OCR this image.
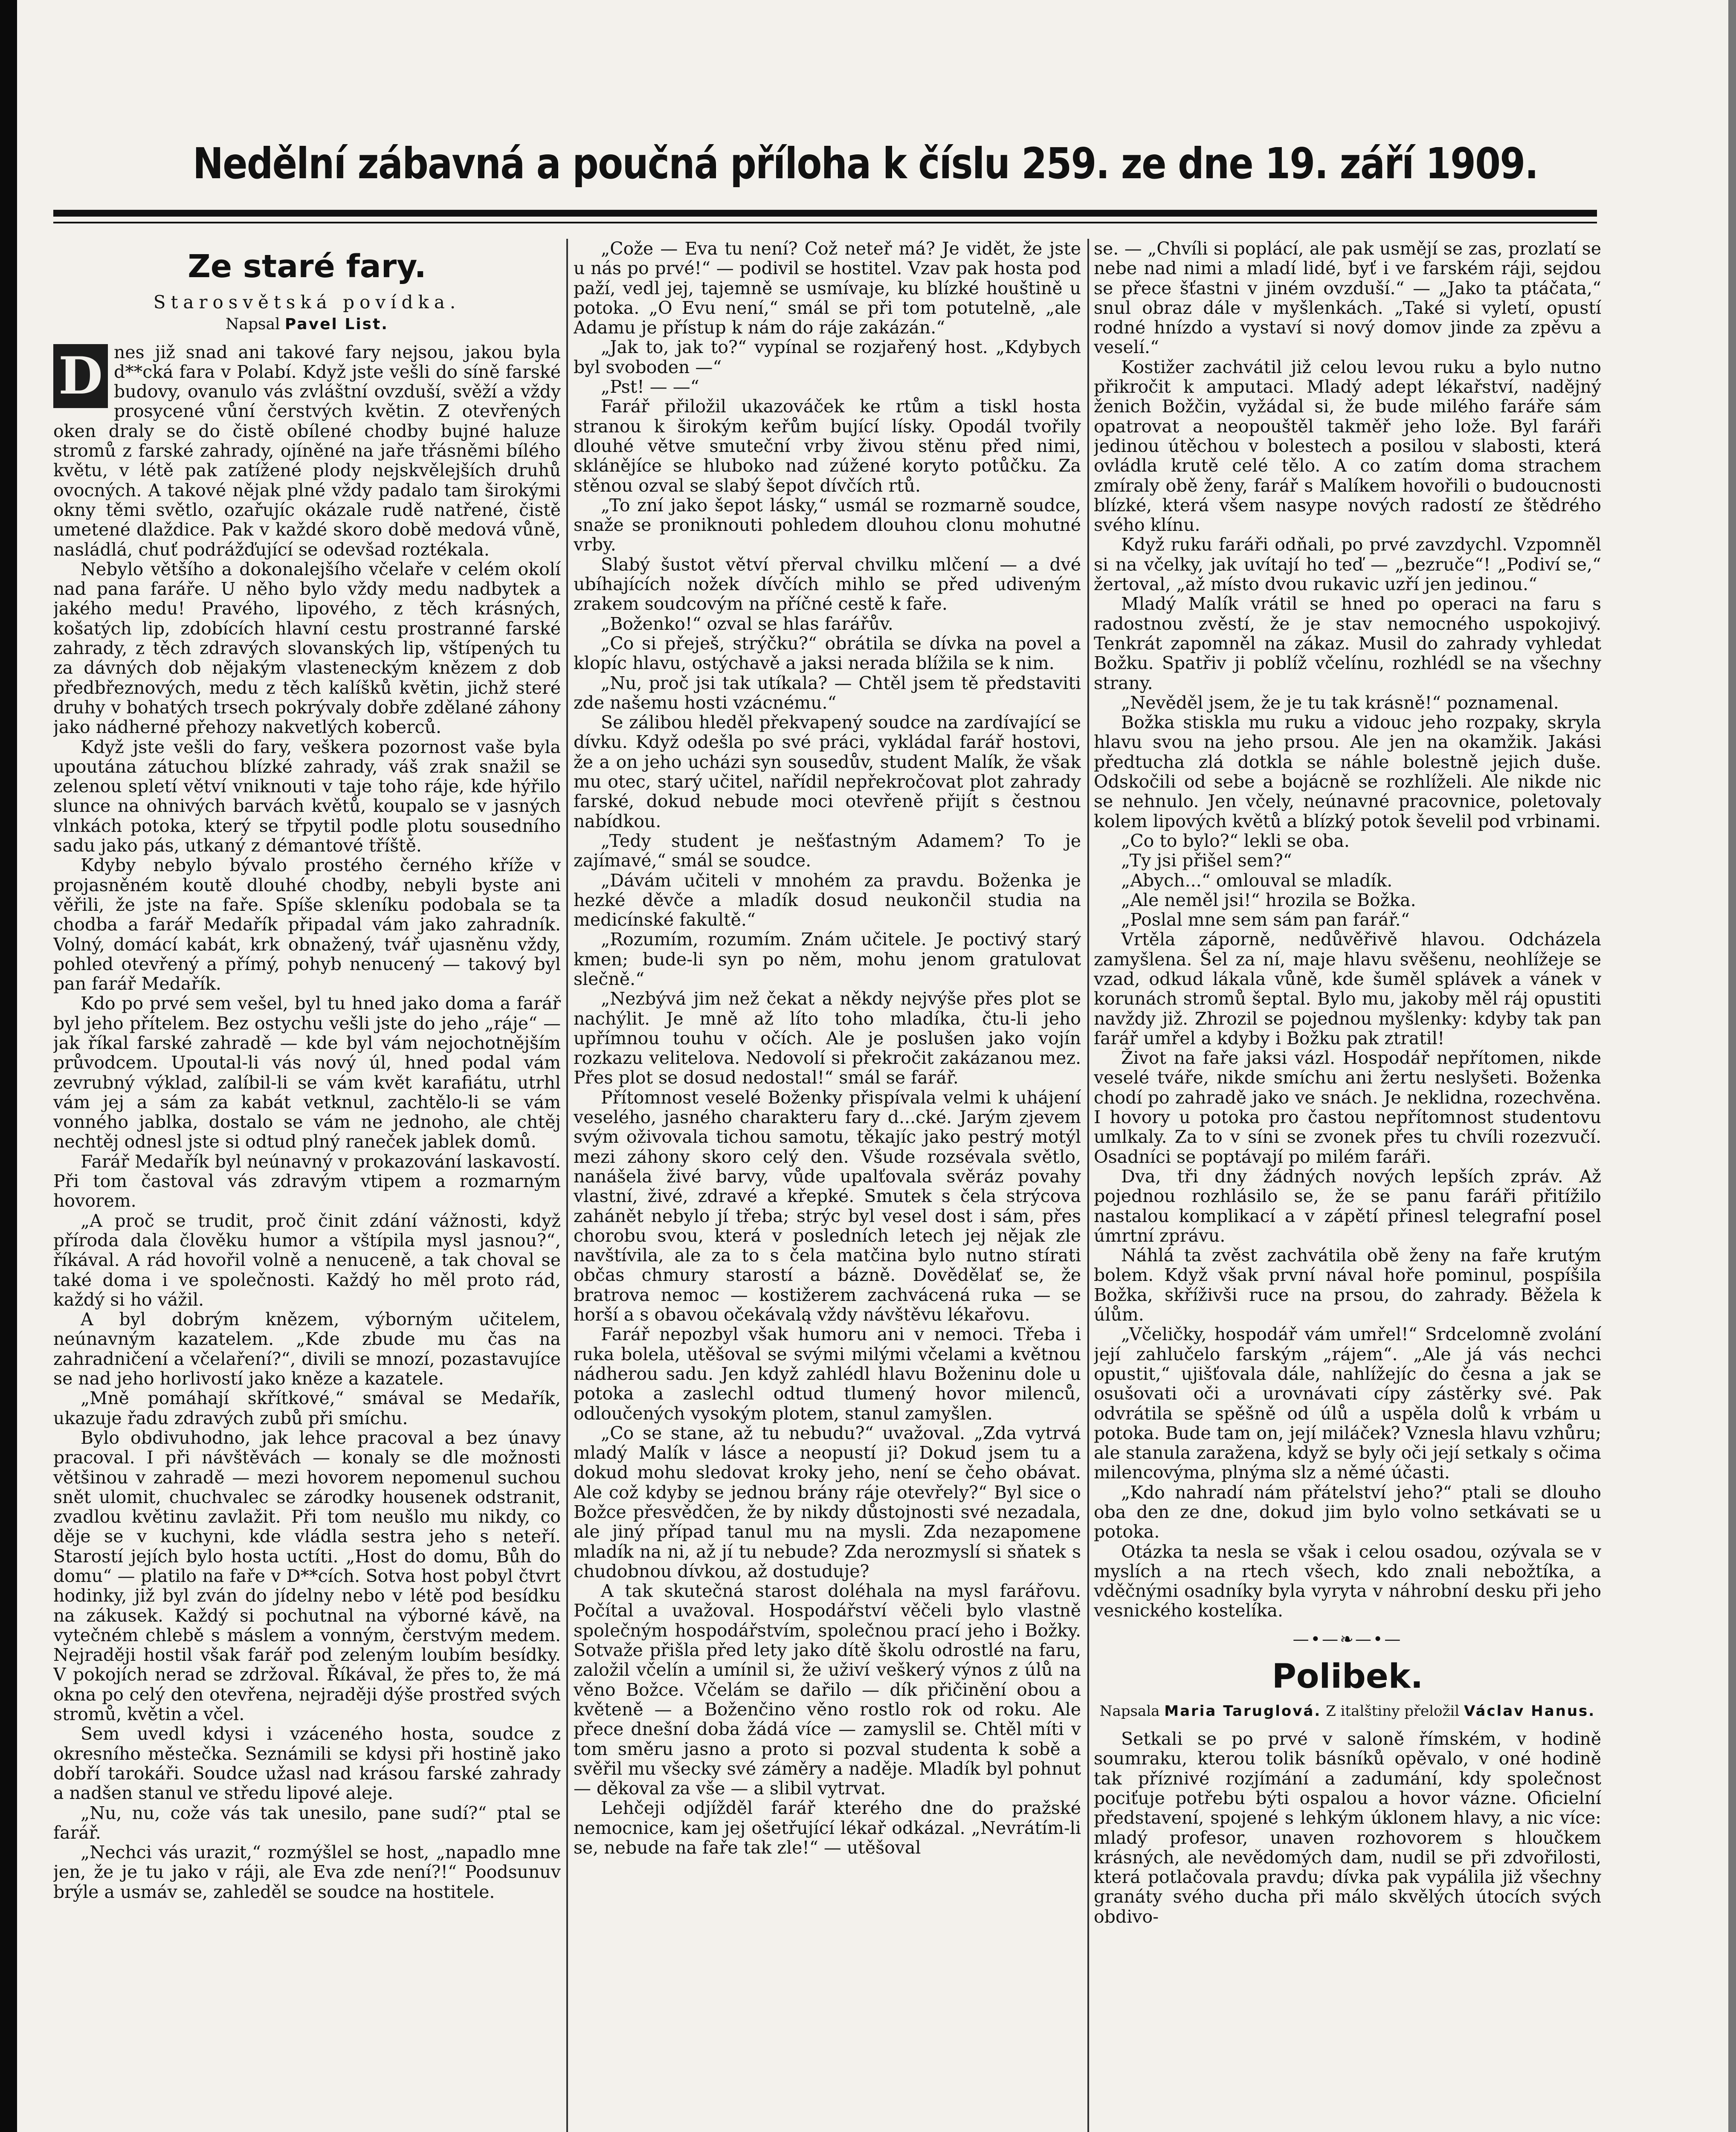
Nedělní zábavná a poučná příloha k číslu 259. ze dne 19. září 1909.
Ze staré fary.
Starosvětská povídka.
Napsal Pavel List.
D nes již snad ani takové fary nejsou, jakou byla d**cká fara v Polabí. Když jste vešli do síně farské budovy, ovanulo vás zvláštní ovzduší, svěží a vždy prosycené vůní čerstvých květin. Z otevřených oken draly se do čistě obílené chodby bujné haluze stromů z farské zahrady, ojíněné na jaře třásněmi bílého květu, v létě pak zatížené plody nejskvělejších druhů ovocných. A takové nějak plné vždy padalo tam širokými okny těmi světlo, ozařujíc okázale rudě natřené, čistě umetené dlaždice. Pak v každé skoro době medová vůně, nasládlá, chuť podrážďující se odevšad roztékala.

Nebylo většího a dokonalejšího včelaře v celém okolí nad pana faráře. U něho bylo vždy medu nadbytek a jakého medu! Pravého, lipového, z těch krásných, košatých lip, zdobících hlavní cestu prostranné farské zahrady, z těch zdravých slovanských lip, vštípených tu za dávných dob nějakým vlasteneckým knězem z dob předbřeznových, medu z těch kalíšků květin, jichž steré druhy v bohatých trsech pokrývaly dobře zdělané záhony jako nádherné přehozy nakvetlých koberců.

Když jste vešli do fary, veškera pozornost vaše byla upoutána zátuchou blízké zahrady, váš zrak snažil se zelenou spletí větví vniknouti v taje toho ráje, kde hýřilo slunce na ohnivých barvách květů, koupalo se v jasných vlnkách potoka, který se třpytil podle plotu sousedního sadu jako pás, utkaný z démantové tříště.

Kdyby nebylo bývalo prostého černého kříže v projasněném koutě dlouhé chodby, nebyli byste ani věřili, že jste na faře. Spíše skleníku podobala se ta chodba a farář Medařík připadal vám jako zahradník. Volný, domácí kabát, krk obnažený, tvář ujasněnu vždy, pohled otevřený a přímý, pohyb nenucený — takový byl pan farář Medařík.

Kdo po prvé sem vešel, byl tu hned jako doma a farář byl jeho přítelem. Bez ostychu vešli jste do jeho „ráje“ — jak říkal farské zahradě — kde byl vám nejochotnějším průvodcem. Upoutal-li vás nový úl, hned podal vám zevrubný výklad, zalíbil-li se vám květ karafiátu, utrhl vám jej a sám za kabát vetknul, zachtělo-li se vám vonného jablka, dostalo se vám ne jednoho, ale chtěj nechtěj odnesl jste si odtud plný raneček jablek domů.

Farář Medařík byl neúnavný v prokazování laskavostí. Při tom častoval vás zdravým vtipem a rozmarným hovorem.

„A proč se trudit, proč činit zdání vážnosti, když příroda dala člověku humor a vštípila mysl jasnou?“, říkával. A rád hovořil volně a nenuceně, a tak choval se také doma i ve společnosti. Každý ho měl proto rád, každý si ho vážil.

A byl dobrým knězem, výborným učitelem, neúnavným kazatelem. „Kde zbude mu čas na zahradničení a včelaření?“, divili se mnozí, pozastavujíce se nad jeho horlivostí jako kněze a kazatele.

„Mně pomáhají skřítkové,“ smával se Medařík, ukazuje řadu zdravých zubů při smíchu.

Bylo obdivuhodno, jak lehce pracoval a bez únavy pracoval. I při návštěvách — konaly se dle možnosti většinou v zahradě — mezi hovorem nepomenul suchou snět ulomit, chuchvalec se zárodky housenek odstranit, zvadlou květinu zavlažit. Při tom neušlo mu nikdy, co děje se v kuchyni, kde vládla sestra jeho s neteří. Starostí jejích bylo hosta uctíti. „Host do domu, Bůh do domu“ — platilo na faře v D**cích. Sotva host pobyl čtvrt hodinky, již byl zván do jídelny nebo v létě pod besídku na zákusek. Každý si pochutnal na výborné kávě, na vytečném chlebě s máslem a vonným, čerstvým medem. Nejraději hostil však farář pod zeleným loubím besídky. V pokojích nerad se zdržoval. Říkával, že přes to, že má okna po celý den otevřena, nejraději dýše prostřed svých stromů, květin a včel.

Sem uvedl kdysi i vzáceného hosta, soudce z okresního městečka. Seznámili se kdysi při hostině jako dobří tarokáři. Soudce užasl nad krásou farské zahrady a nadšen stanul ve středu lipové aleje.

„Nu, nu, cože vás tak unesilo, pane sudí?“ ptal se farář.

„Nechci vás urazit,“ rozmýšlel se host, „napadlo mne jen, že je tu jako v ráji, ale Eva zde není?!“ Poodsunuv brýle a usmáv se, zahleděl se soudce na hostitele.

„Cože — Eva tu není? Což neteř má? Je vidět, že jste u nás po prvé!“ — podivil se hostitel. Vzav pak hosta pod paží, vedl jej, tajemně se usmívaje, ku blízké houštině u potoka. „O Evu není,“ smál se při tom potutelně, „ale Adamu je přístup k nám do ráje zakázán.“

„Jak to, jak to?“ vypínal se rozjařený host. „Kdybych byl svoboden —“

„Pst! — —“

Farář přiložil ukazováček ke rtům a tiskl hosta stranou k širokým keřům bující lísky. Opodál tvořily dlouhé větve smuteční vrby živou stěnu před nimi, sklánějíce se hluboko nad zúžené koryto potůčku. Za stěnou ozval se slabý šepot dívčích rtů.

„To zní jako šepot lásky,“ usmál se rozmarně soudce, snaže se proniknouti pohledem dlouhou clonu mohutné vrby.

Slabý šustot větví přerval chvilku mlčení — a dvé ubíhajících nožek dívčích mihlo se před udiveným zrakem soudcovým na příčné cestě k faře.

„Boženko!“ ozval se hlas farářův.

„Co si přeješ, strýčku?“ obrátila se dívka na povel a klopíc hlavu, ostýchavě a jaksi nerada blížila se k nim.

„Nu, proč jsi tak utíkala? — Chtěl jsem tě představiti zde našemu hosti vzácnému.“

Se zálibou hleděl překvapený soudce na zardívající se dívku. Když odešla po své práci, vykládal farář hostovi, že a on jeho ucházi syn sousedův, student Malík, že však mu otec, starý učitel, nařídil nepřekročovat plot zahrady farské, dokud nebude moci otevřeně přijít s čestnou nabídkou.

„Tedy student je nešťastným Adamem? To je zajímavé,“ smál se soudce.

„Dávám učiteli v mnohém za pravdu. Boženka je hezké děvče a mladík dosud neukončil studia na medicínské fakultě.“

„Rozumím, rozumím. Znám učitele. Je poctivý starý kmen; bude-li syn po něm, mohu jenom gratulovat slečně.“

„Nezbývá jim než čekat a někdy nejvýše přes plot se nachýlit. Je mně až líto toho mladíka, čtu-li jeho upřímnou touhu v očích. Ale je poslušen jako vojín rozkazu velitelova. Nedovolí si překročit zakázanou mez. Přes plot se dosud nedostal!“ smál se farář.

Přítomnost veselé Boženky přispívala velmi k uhájení veselého, jasného charakteru fary d...cké. Jarým zjevem svým oživovala tichou samotu, těkajíc jako pestrý motýl mezi záhony skoro celý den. Všude rozsévala světlo, nanášela živé barvy, vůde upalťovala svěráz povahy vlastní, živé, zdravé a křepké. Smutek s čela strýcova zahánět nebylo jí třeba; strýc byl vesel dost i sám, přes chorobu svou, která v posledních letech jej nějak zle navštívila, ale za to s čela matčina bylo nutno stírati občas chmury starostí a bázně. Dovědělať se, že bratrova nemoc — kostižerem zachvácená ruka — se horší a s obavou očekávalą vždy návštěvu lékařovu.

Farář nepozbyl však humoru ani v nemoci. Třeba i ruka bolela, utěšoval se svými milými včelami a květnou nádherou sadu. Jen když zahlédl hlavu Boženinu dole u potoka a zaslechl odtud tlumený hovor milenců, odloučených vysokým plotem, stanul zamyšlen.

„Co se stane, až tu nebudu?“ uvažoval. „Zda vytrvá mladý Malík v lásce a neopustí ji? Dokud jsem tu a dokud mohu sledovat kroky jeho, není se čeho obávat. Ale což kdyby se jednou brány ráje otevřely?“ Byl sice o Božce přesvědčen, že by nikdy důstojnosti své nezadala, ale jiný případ tanul mu na mysli. Zda nezapomene mladík na ni, až jí tu nebude? Zda nerozmyslí si sňatek s chudobnou dívkou, až dostuduje?

A tak skutečná starost doléhala na mysl farářovu. Počítal a uvažoval. Hospodářství věčeli bylo vlastně společným hospodářstvím, společnou prací jeho i Božky. Sotvaže přišla před lety jako dítě školu odrostlé na faru, založil včelín a umínil si, že uživí veškerý výnos z úlů na věno Božce. Včelám se dařilo — dík přičinění obou a květeně — a Boženčino věno rostlo rok od roku. Ale přece dnešní doba žádá více — zamyslil se. Chtěl míti v tom směru jasno a proto si pozval studenta k sobě a svěřil mu všecky své záměry a naděje. Mladík byl pohnut — děkoval za vše — a slibil vytrvat.

Lehčeji odjížděl farář kterého dne do pražské nemocnice, kam jej ošetřující lékař odkázal. „Nevrátím-li se, nebude na faře tak zle!“ — utěšoval

se. — „Chvíli si poplácí, ale pak usmějí se zas, prozlatí se nebe nad nimi a mladí lidé, byť i ve farském ráji, sejdou se přece šťastni v jiném ovzduší.“ — „Jako ta ptáčata,“ snul obraz dále v myšlenkách. „Také si vyletí, opustí rodné hnízdo a vystaví si nový domov jinde za zpěvu a veselí.“

Kostižer zachvátil již celou levou ruku a bylo nutno přikročit k amputaci. Mladý adept lékařství, nadějný ženich Božčin, vyžádal si, že bude milého faráře sám opatrovat a neopouštěl takměř jeho lože. Byl faráři jedinou útěchou v bolestech a posilou v slabosti, která ovládla krutě celé tělo. A co zatím doma strachem zmíraly obě ženy, farář s Malíkem hovořili o budoucnosti blízké, která všem nasype nových radostí ze štědrého svého klínu.

Když ruku faráři odňali, po prvé zavzdychl. Vzpomněl si na včelky, jak uvítají ho teď — „bezruče“! „Podiví se,“ žertoval, „až místo dvou rukavic uzří jen jedinou.“

Mladý Malík vrátil se hned po operaci na faru s radostnou zvěstí, že je stav nemocného uspokojivý. Tenkrát zapomněl na zákaz. Musil do zahrady vyhledat Božku. Spatřiv ji poblíž včelínu, rozhlédl se na všechny strany.

„Nevěděl jsem, že je tu tak krásně!“ poznamenal.

Božka stiskla mu ruku a vidouc jeho rozpaky, skryla hlavu svou na jeho prsou. Ale jen na okamžik. Jakási předtucha zlá dotkla se náhle bolestně jejich duše. Odskočili od sebe a bojácně se rozhlíželi. Ale nikde nic se nehnulo. Jen včely, neúnavné pracovnice, poletovaly kolem lipových květů a blízký potok ševelil pod vrbinami.

„Co to bylo?“ lekli se oba.

„Ty jsi přišel sem?“

„Abych...“ omlouval se mladík.

„Ale neměl jsi!“ hrozila se Božka.

„Poslal mne sem sám pan farář.“

Vrtěla záporně, nedůvěřivě hlavou. Odcházela zamyšlena. Šel za ní, maje hlavu svěšenu, neohlížeje se vzad, odkud lákala vůně, kde šuměl splávek a vánek v korunách stromů šeptal. Bylo mu, jakoby měl ráj opustiti navždy již. Zhrozil se pojednou myšlenky: kdyby tak pan farář umřel a kdyby i Božku pak ztratil!

Život na faře jaksi vázl. Hospodář nepřítomen, nikde veselé tváře, nikde smíchu ani žertu neslyšeti. Boženka chodí po zahradě jako ve snách. Je neklidna, rozechvěna. I hovory u potoka pro častou nepřítomnost studentovu umlkaly. Za to v síni se zvonek přes tu chvíli rozezvučí. Osadníci se poptávají po milém faráři.

Dva, tři dny žádných nových lepších zpráv. Až pojednou rozhlásilo se, že se panu faráři přitížilo nastalou komplikací a v zápětí přinesl telegrafní posel úmrtní zprávu.

Náhlá ta zvěst zachvátila obě ženy na faře krutým bolem. Když však první nával hoře pominul, pospíšila Božka, skříživši ruce na prsou, do zahrady. Běžela k úlům.

„Včeličky, hospodář vám umřel!“ Srdcelomně zvolání její zahlučelo farským „rájem“. „Ale já vás nechci opustit,“ ujišťovala dále, nahlížejíc do česna a jak se osušovati oči a urovnávati cípy zástěrky své. Pak odvrátila se spěšně od úlů a uspěla dolů k vrbám u potoka. Bude tam on, její miláček? Vznesla hlavu vzhůru; ale stanula zaražena, když se byly oči její setkaly s očima milencovýma, plnýma slz a němé účasti.

„Kdo nahradí nám přátelství jeho?“ ptali se dlouho oba den ze dne, dokud jim bylo volno setkávati se u potoka.

Otázka ta nesla se však i celou osadou, ozývala se v myslích a na rtech všech, kdo znali nebožtíka, a vděčnými osadníky byla vyryta v náhrobní desku při jeho vesnického kostelíka.

—•—❧—•—
Polibek.
Napsala Maria Taruglová. Z italštiny přeložil Václav Hanus.

Setkali se po prvé v saloně římském, v hodině soumraku, kterou tolik básníků opěvalo, v oné hodině tak příznivé rozjímání a zadumání, kdy společnost pociťuje potřebu býti ospalou a hovor vázne. Oficielní představení, spojené s lehkým úklonem hlavy, a nic více: mladý profesor, unaven rozhovorem s hloučkem krásných, ale nevědomých dam, nudil se při zdvořilosti, která potlačovala pravdu; dívka pak vypálila již všechny granáty svého ducha při málo skvělých útocích svých obdivo-
